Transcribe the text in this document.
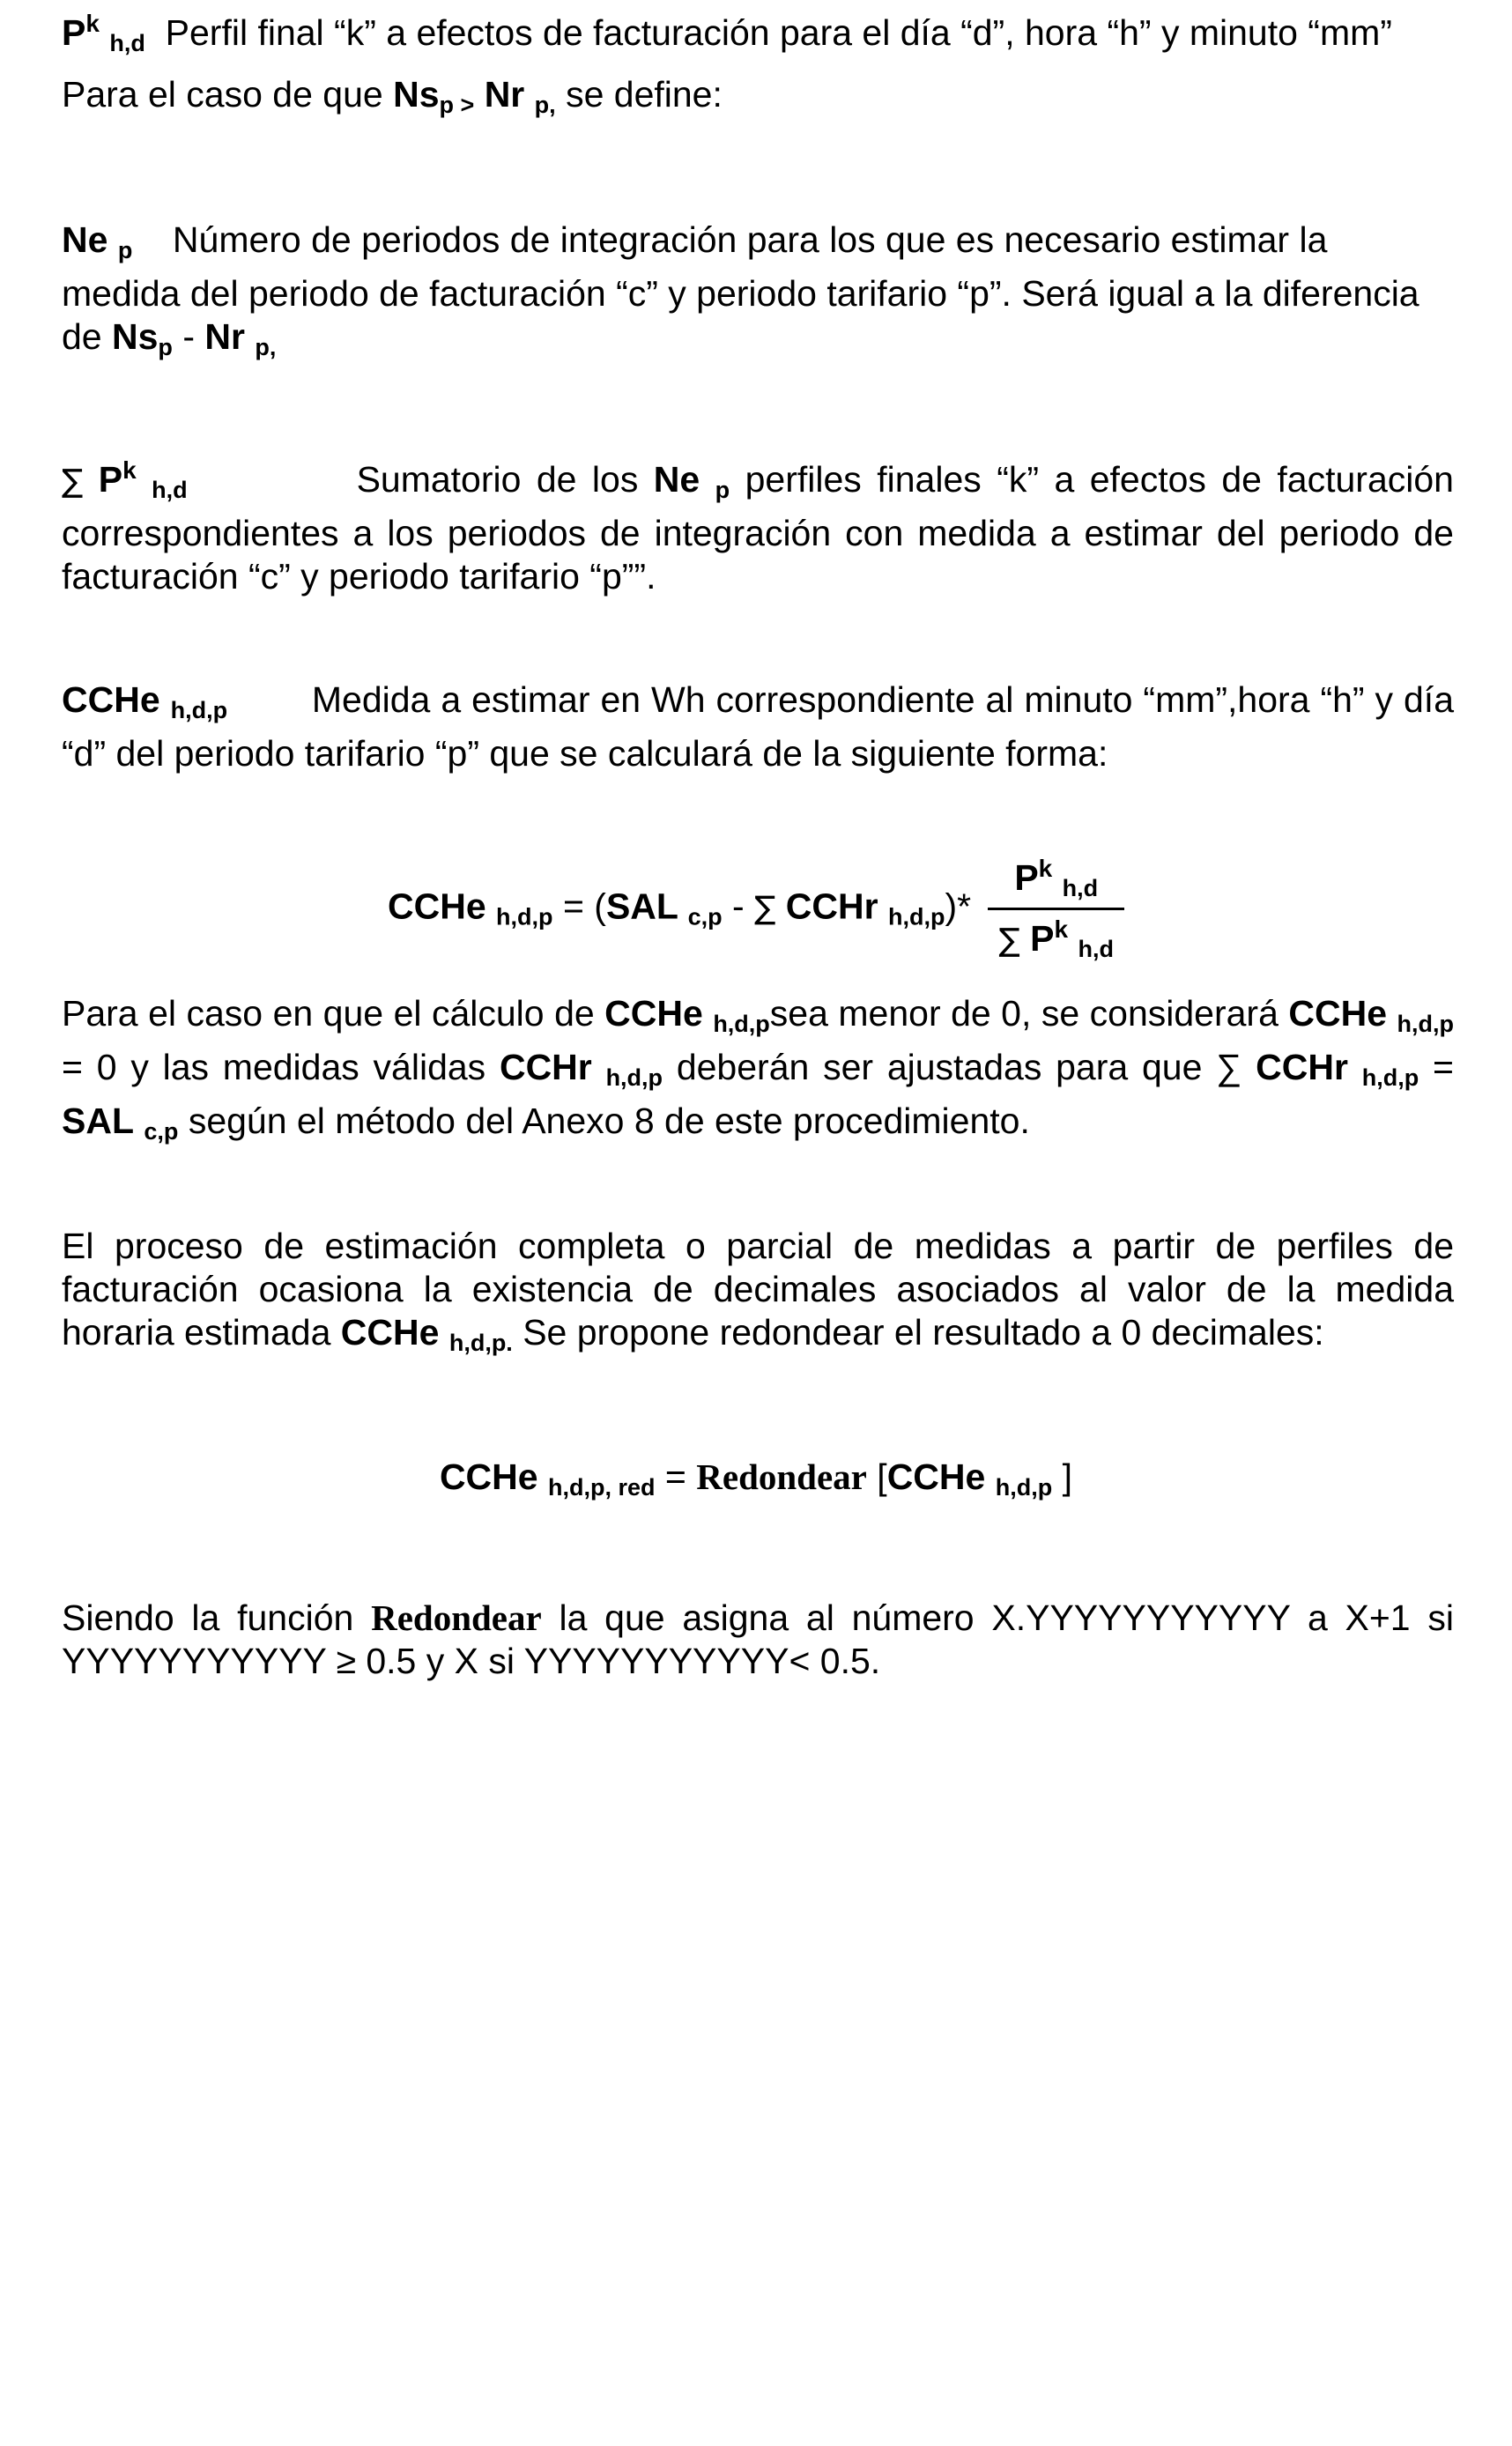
$P^k$ $_{h,d}$ Perfil final “k” a efectos de facturación para el día “d”, hora “h” y minuto “mm”

Para el caso de que $Ns_{p >}$ Nr $_{p,}$ se define:

Ne $_p$ Número de periodos de integración para los que es necesario estimar la medida del periodo de facturación “c” y periodo tarifario “p”. Será igual a la diferencia de $Ns_p$ - Nr $_{p,}$

∑ $P^k$ $_{h,d}$	Sumatorio de los Ne $_p$ perfiles finales “k” a efectos de facturación correspondientes a los periodos de integración con medida a estimar del periodo de facturación “c” y periodo tarifario “p””.

CCHe $_{h,d,p}$ Medida a estimar en Wh correspondiente al minuto “mm”,hora “h” y día “d” del periodo tarifario “p” que se calculará de la siguiente forma:

CCHe $_{h,d,p}$ = (SAL $_{c,p}$ - ∑ CCHr $_{h,d,p})* \frac{P^k _{h,d}}{\sum P^k _{h,d}}$

Para el caso en que el cálculo de CCHe $_{h,d,p}$sea menor de 0, se considerará CCHe $_{h,d,p}$ = 0 y las medidas válidas CCHr $_{h,d,p}$ deberán ser ajustadas para que ∑ CCHr $_{h,d,p}$ = SAL $_{c,p}$ según el método del Anexo 8 de este procedimiento.

El proceso de estimación completa o parcial de medidas a partir de perfiles de facturación ocasiona la existencia de decimales asociados al valor de la medida horaria estimada CCHe $_{h,d,p.}$ Se propone redondear el resultado a 0 decimales:

CCHe $_{h,d,p, red}$ = Redondear [CCHe $_{h,d,p}$ ]

Siendo la función Redondear la que asigna al número X.YYYYYYYYYYY a X+1 si YYYYYYYYYYY ≥ 0.5 y X si YYYYYYYYYYY< 0.5.
